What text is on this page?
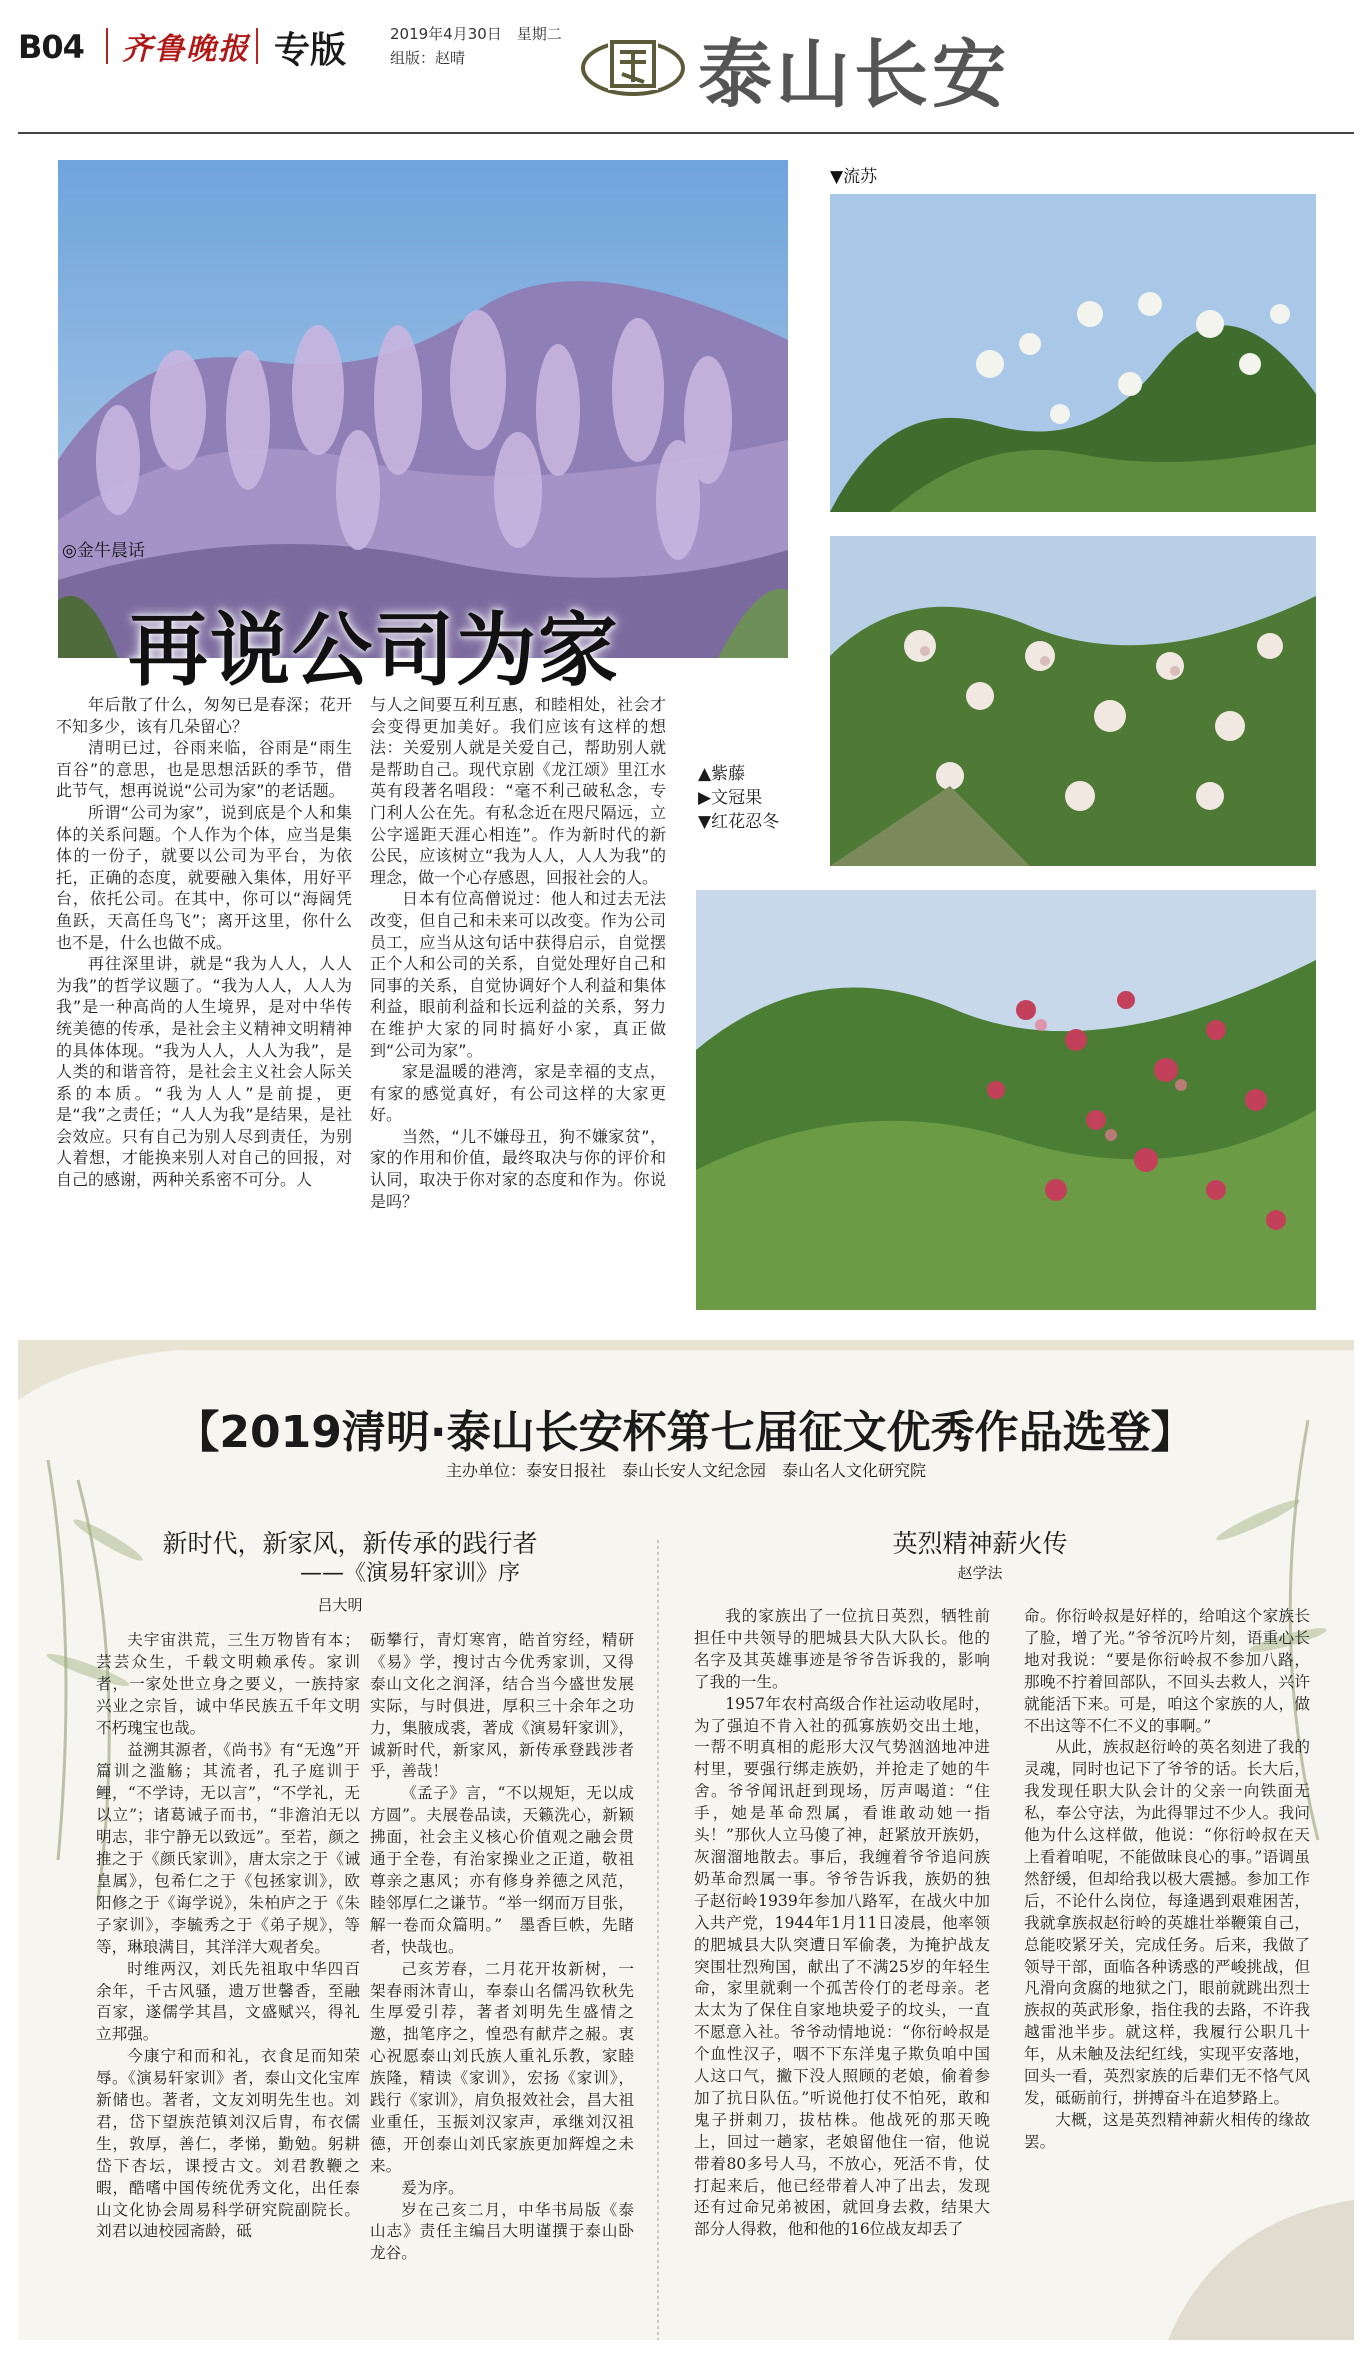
B04 齐鲁晚报 专版	2019年4月30日　星期二
组版：赵晴	泰山长安
◎金牛晨话
再说公司为家
▼流苏
▲紫藤
▶文冠果
▼红花忍冬

年后散了什么，匆匆已是春深；花开不知多少，该有几朵留心？

清明已过，谷雨来临，谷雨是“雨生百谷”的意思，也是思想活跃的季节，借此节气，想再说说“公司为家”的老话题。

所谓“公司为家”，说到底是个人和集体的关系问题。个人作为个体，应当是集体的一份子，就要以公司为平台，为依托，正确的态度，就要融入集体，用好平台，依托公司。在其中，你可以“海阔凭鱼跃，天高任鸟飞”；离开这里，你什么也不是，什么也做不成。

再往深里讲，就是“我为人人，人人为我”的哲学议题了。“我为人人，人人为我”是一种高尚的人生境界，是对中华传统美德的传承，是社会主义精神文明精神的具体体现。“我为人人，人人为我”，是人类的和谐音符，是社会主义社会人际关系的本质。“我为人人”是前提，更是“我”之责任；“人人为我”是结果，是社会效应。只有自己为别人尽到责任，为别人着想，才能换来别人对自己的回报，对自己的感谢，两种关系密不可分。人

与人之间要互利互惠，和睦相处，社会才会变得更加美好。我们应该有这样的想法：关爱别人就是关爱自己，帮助别人就是帮助自己。现代京剧《龙江颂》里江水英有段著名唱段：“毫不利己破私念，专门利人公在先。有私念近在咫尺隔远，立公字遥距天涯心相连”。作为新时代的新公民，应该树立“我为人人，人人为我”的理念，做一个心存感恩，回报社会的人。

日本有位高僧说过：他人和过去无法改变，但自己和未来可以改变。作为公司员工，应当从这句话中获得启示，自觉摆正个人和公司的关系，自觉处理好自己和同事的关系，自觉协调好个人利益和集体利益，眼前利益和长远利益的关系，努力在维护大家的同时搞好小家，真正做到“公司为家”。

家是温暖的港湾，家是幸福的支点，有家的感觉真好，有公司这样的大家更好。

当然，“儿不嫌母丑，狗不嫌家贫”，家的作用和价值，最终取决与你的评价和认同，取决于你对家的态度和作为。你说是吗？

【2019清明·泰山长安杯第七届征文优秀作品选登】
主办单位：泰安日报社　泰山长安人文纪念园　泰山名人文化研究院
新时代，新家风，新传承的践行者
——《演易轩家训》序
吕大明

夫宇宙洪荒，三生万物皆有本；芸芸众生，千载文明赖承传。家训者，一家处世立身之要义，一族持家兴业之宗旨，诚中华民族五千年文明不朽瑰宝也哉。

益溯其源者，《尚书》有“无逸”开篇训之滥觞；其流者，孔子庭训于鲤，“不学诗，无以言”，“不学礼，无以立”；诸葛诫子而书，“非澹泊无以明志，非宁静无以致远”。至若，颜之推之于《颜氏家训》，唐太宗之于《诫皇属》，包希仁之于《包拯家训》，欧阳修之于《诲学说》，朱柏庐之于《朱子家训》，李毓秀之于《弟子规》，等等，琳琅满目，其洋洋大观者矣。

时维两汉，刘氏先祖取中华四百余年，千古风骚，遗万世馨香，至融百家，遂儒学其昌，文盛赋兴，得礼立邦强。

今康宁和而和礼，衣食足而知荣辱。《演易轩家训》者，泰山文化宝库新储也。著者，文友刘明先生也。刘君，岱下望族范镇刘汉后胄，布衣儒生，敦厚，善仁，孝悌，勤勉。躬耕岱下杏坛，课授古文。刘君教鞭之暇，酷嗜中国传统优秀文化，出任泰山文化协会周易科学研究院副院长。刘君以迪校园斋龄，砥

砺攀行，青灯寒宵，皓首穷经，精研《易》学，搜讨古今优秀家训，又得泰山文化之润泽，结合当今盛世发展实际，与时俱进，厚积三十余年之功力，集腋成裘，著成《演易轩家训》，诚新时代，新家风，新传承登践涉者乎，善哉！

《孟子》言，“不以规矩，无以成方圆”。夫展卷品读，天籁洗心，新颖拂面，社会主义核心价值观之融会贯通于全卷，有治家操业之正道，敬祖尊亲之惠风；亦有修身养德之风范，睦邻厚仁之谦节。“举一纲而万目张，解一卷而众篇明。”　墨香巨帙，先睹者，快哉也。

己亥芳春，二月花开妆新树，一架春雨沐青山，奉泰山名儒冯钦秋先生厚爱引荐，著者刘明先生盛情之邀，拙笔序之，惶恐有献芹之赧。衷心祝愿泰山刘氏族人重礼乐教，家睦族隆，精读《家训》，宏扬《家训》，践行《家训》，肩负报效社会，昌大祖业重任，玉振刘汉家声，承继刘汉祖德，开创泰山刘氏家族更加辉煌之未来。

爰为序。

岁在己亥二月，中华书局版《泰山志》责任主编吕大明谨撰于泰山卧龙谷。

英烈精神薪火传
赵学法

我的家族出了一位抗日英烈，牺牲前担任中共领导的肥城县大队大队长。他的名字及其英雄事迹是爷爷告诉我的，影响了我的一生。

1957年农村高级合作社运动收尾时，为了强迫不肯入社的孤寡族奶交出土地，一帮不明真相的彪形大汉气势汹汹地冲进村里，要强行绑走族奶，并抢走了她的牛舍。爷爷闻讯赶到现场，厉声喝道：“住手，她是革命烈属，看谁敢动她一指头！”那伙人立马傻了神，赶紧放开族奶，灰溜溜地散去。事后，我缠着爷爷追问族奶革命烈属一事。爷爷告诉我，族奶的独子赵衍岭1939年参加八路军，在战火中加入共产党，1944年1月11日凌晨，他率领的肥城县大队突遭日军偷袭，为掩护战友突围壮烈殉国，献出了不满25岁的年轻生命，家里就剩一个孤苦伶仃的老母亲。老太太为了保住自家地块爱子的坟头，一直不愿意入社。爷爷动情地说：“你衍岭叔是个血性汉子，咽不下东洋鬼子欺负咱中国人这口气，撇下没人照顾的老娘，偷着参加了抗日队伍。”听说他打仗不怕死，敢和鬼子拼刺刀，拔枯株。他战死的那天晚上，回过一趟家，老娘留他住一宿，他说带着80多号人马，不放心，死活不肯，仗打起来后，他已经带着人冲了出去，发现还有过命兄弟被困，就回身去救，结果大部分人得救，他和他的16位战友却丢了

命。你衍岭叔是好样的，给咱这个家族长了脸，增了光。”爷爷沉吟片刻，语重心长地对我说：“要是你衍岭叔不参加八路，那晚不拧着回部队，不回头去救人，兴许就能活下来。可是，咱这个家族的人，做不出这等不仁不义的事啊。”

从此，族叔赵衍岭的英名刻进了我的灵魂，同时也记下了爷爷的话。长大后，我发现任职大队会计的父亲一向铁面无私，奉公守法，为此得罪过不少人。我问他为什么这样做，他说：“你衍岭叔在天上看着咱呢，不能做昧良心的事。”语调虽然舒缓，但却给我以极大震撼。参加工作后，不论什么岗位，每逢遇到艰难困苦，我就拿族叔赵衍岭的英雄壮举鞭策自己，总能咬紧牙关，完成任务。后来，我做了领导干部，面临各种诱惑的严峻挑战，但凡滑向贪腐的地狱之门，眼前就跳出烈士族叔的英武形象，指住我的去路，不许我越雷池半步。就这样，我履行公职几十年，从未触及法纪红线，实现平安落地，回头一看，英烈家族的后辈们无不恪气风发，砥砺前行，拼搏奋斗在追梦路上。

大概，这是英烈精神薪火相传的缘故罢。
